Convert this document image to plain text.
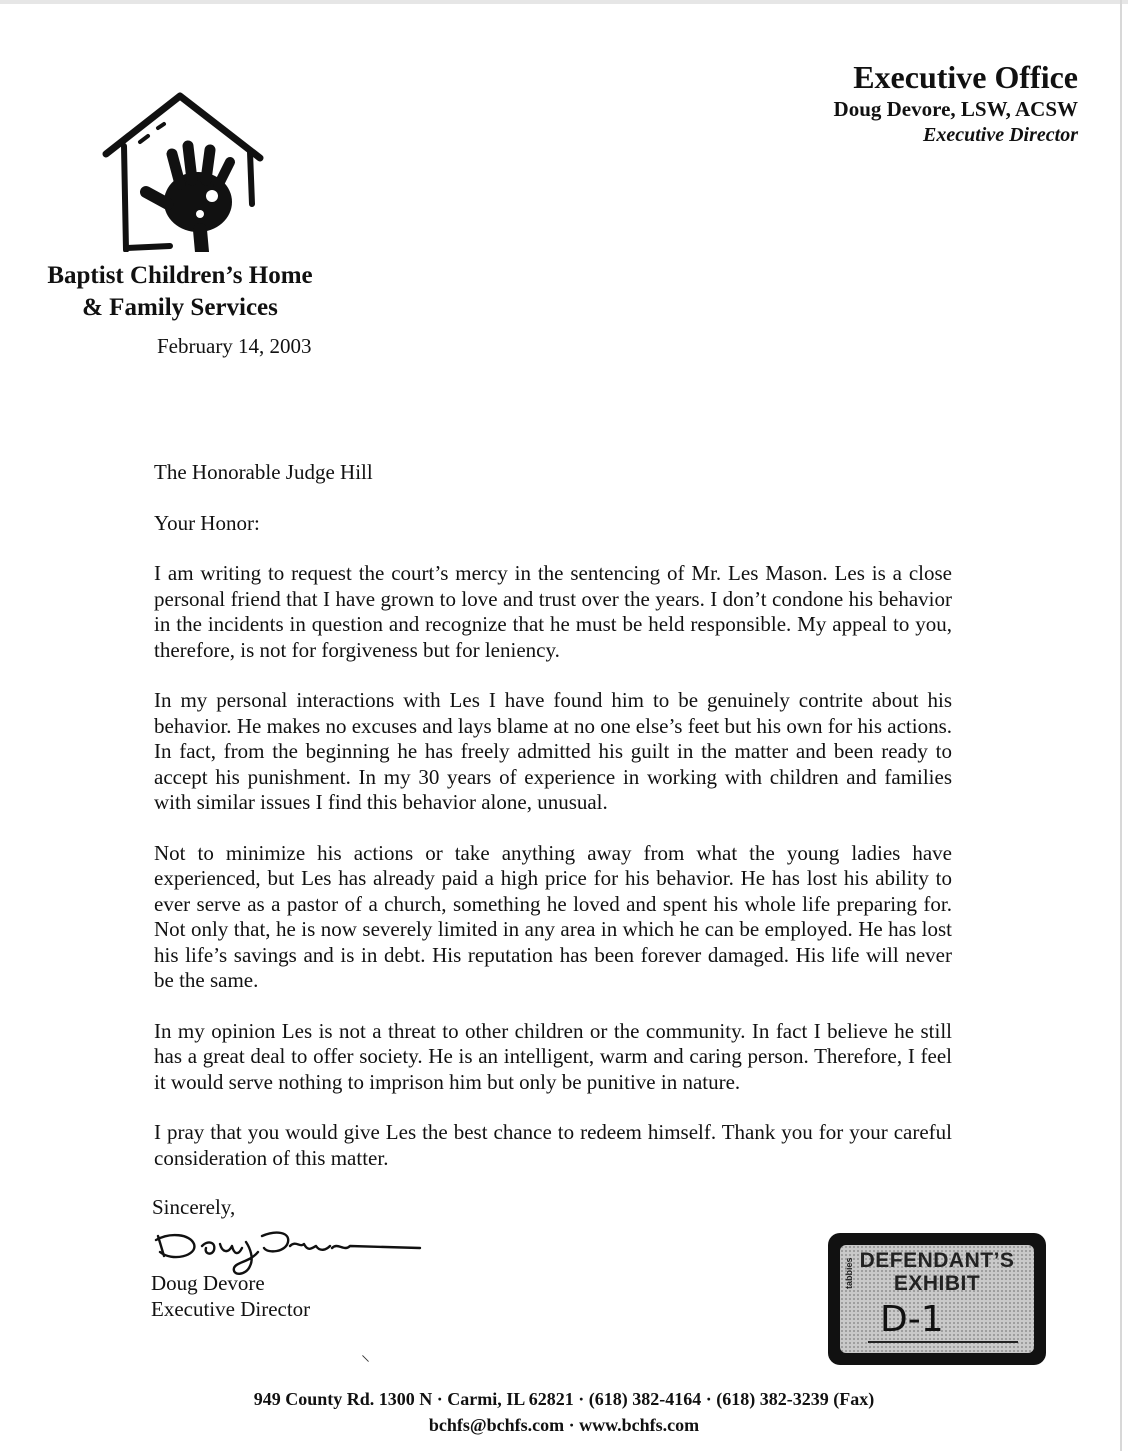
Executive Office
Doug Devore, LSW, ACSW
Executive Director
Baptist Children’s Home
& Family Services
February 14, 2003
The Honorable Judge Hill
Your Honor:

I am writing to request the court’s mercy in the sentencing of Mr. Les Mason. Les is a close personal friend that I have grown to love and trust over the years. I don’t condone his behavior in the incidents in question and recognize that he must be held responsible. My appeal to you, therefore, is not for forgiveness but for leniency.

In my personal interactions with Les I have found him to be genuinely contrite about his behavior. He makes no excuses and lays blame at no one else’s feet but his own for his actions. In fact, from the beginning he has freely admitted his guilt in the matter and been ready to accept his punishment. In my 30 years of experience in working with children and families with similar issues I find this behavior alone, unusual.

Not to minimize his actions or take anything away from what the young ladies have experienced, but Les has already paid a high price for his behavior. He has lost his ability to ever serve as a pastor of a church, something he loved and spent his whole life preparing for. Not only that, he is now severely limited in any area in which he can be employed. He has lost his life’s savings and is in debt. His reputation has been forever damaged. His life will never be the same.

In my opinion Les is not a threat to other children or the community. In fact I believe he still has a great deal to offer society. He is an intelligent, warm and caring person. Therefore, I feel it would serve nothing to imprison him but only be punitive in nature.

I pray that you would give Les the best chance to redeem himself. Thank you for your careful consideration of this matter.

Sincerely,
Doug Devore
Executive Director
DEFENDANT’S
EXHIBIT
tabbies
D-1
⸌
949 County Rd. 1300 N · Carmi, IL 62821 · (618) 382-4164 · (618) 382-3239 (Fax)
bchfs@bchfs.com · www.bchfs.com
